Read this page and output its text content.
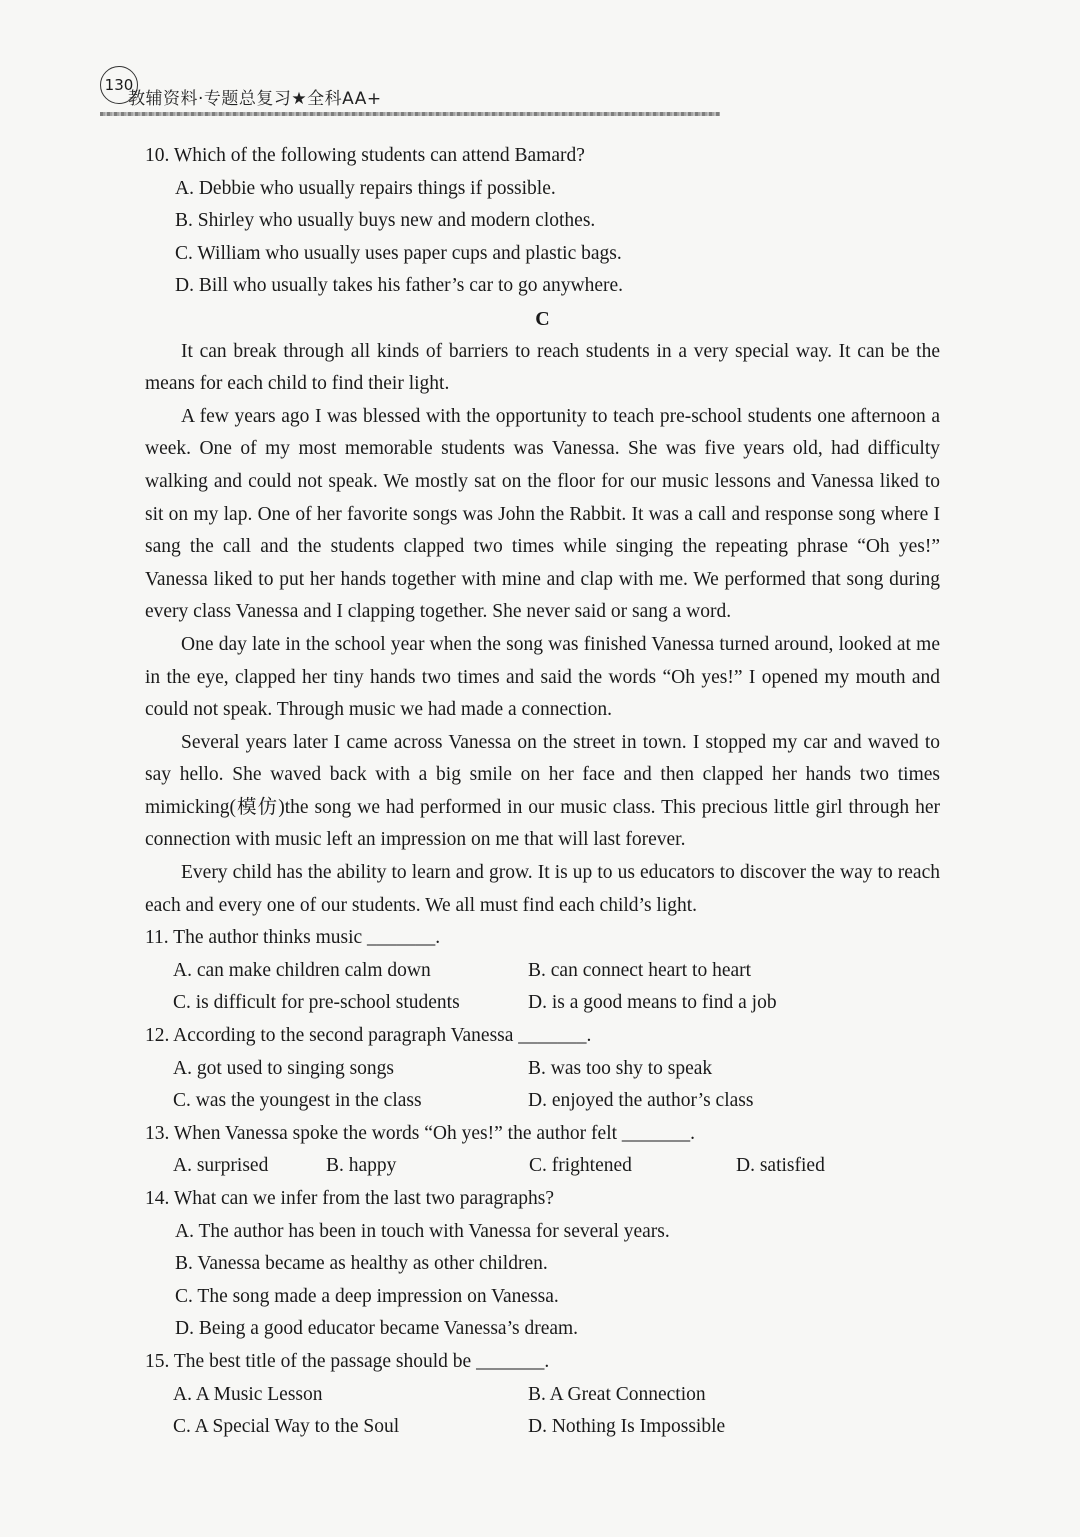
130
教辅资料·专题总复习★全科AA+
10. Which of the following students can attend Bamard?
A. Debbie who usually repairs things if possible.
B. Shirley who usually buys new and modern clothes.
C. William who usually uses paper cups and plastic bags.
D. Bill who usually takes his father’s car to go anywhere.
C

It can break through all kinds of barriers to reach students in a very special way. It can be the means for each child to find their light.

A few years ago I was blessed with the opportunity to teach pre-school students one afternoon a week. One of my most memorable students was Vanessa. She was five years old, had difficulty walking and could not speak. We mostly sat on the floor for our music lessons and Vanessa liked to sit on my lap. One of her favorite songs was John the Rabbit. It was a call and response song where I sang the call and the students clapped two times while singing the repeating phrase “Oh yes!” Vanessa liked to put her hands together with mine and clap with me. We performed that song during every class Vanessa and I clapping together. She never said or sang a word.

One day late in the school year when the song was finished Vanessa turned around, looked at me in the eye, clapped her tiny hands two times and said the words “Oh yes!” I opened my mouth and could not speak. Through music we had made a connection.

Several years later I came across Vanessa on the street in town. I stopped my car and waved to say hello. She waved back with a big smile on her face and then clapped her hands two times mimicking(模仿)the song we had performed in our music class. This precious little girl through her connection with music left an impression on me that will last forever.

Every child has the ability to learn and grow. It is up to us educators to discover the way to reach each and every one of our students. We all must find each child’s light.

11. The author thinks music _______.
A. can make children calm down	B. can connect heart to heart
C. is difficult for pre-school students	D. is a good means to find a job
12. According to the second paragraph Vanessa _______.
A. got used to singing songs	B. was too shy to speak
C. was the youngest in the class	D. enjoyed the author’s class
13. When Vanessa spoke the words “Oh yes!” the author felt _______.
A. surprised	B. happy	C. frightened	D. satisfied
14. What can we infer from the last two paragraphs?
A. The author has been in touch with Vanessa for several years.
B. Vanessa became as healthy as other children.
C. The song made a deep impression on Vanessa.
D. Being a good educator became Vanessa’s dream.
15. The best title of the passage should be _______.
A. A Music Lesson	B. A Great Connection
C. A Special Way to the Soul	D. Nothing Is Impossible
